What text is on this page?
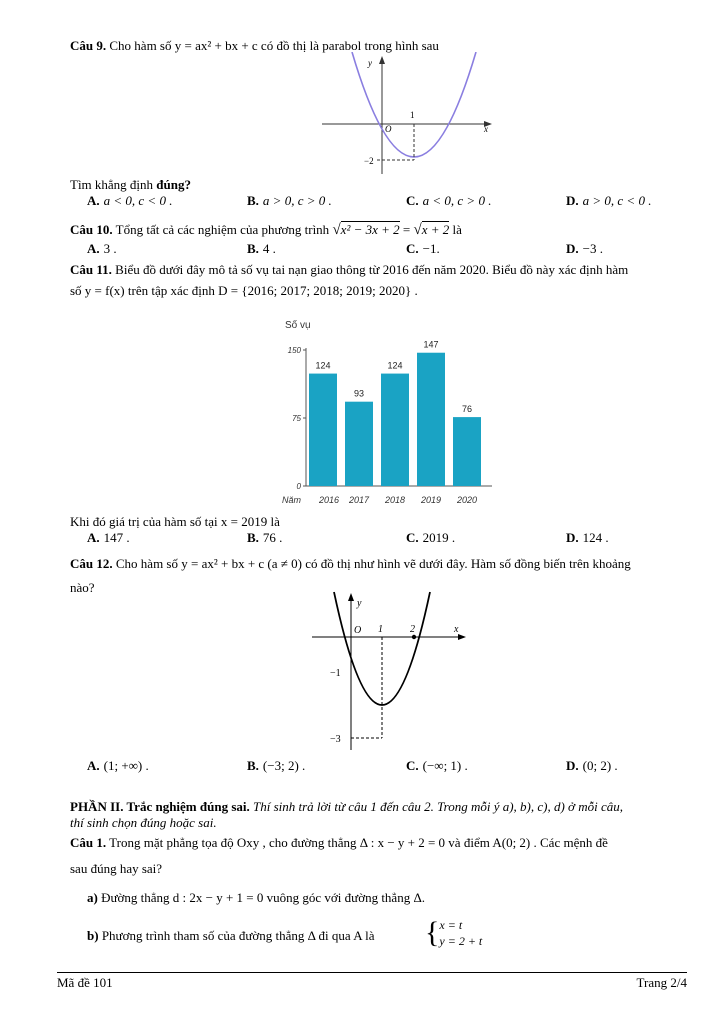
Câu 9. Cho hàm số y = ax² + bx + c có đồ thị là parabol trong hình sau
y
x
O
1
−2
Tìm khẳng định đúng?
A. a < 0, c < 0 .	B. a > 0, c > 0 .	C. a < 0, c > 0 .	D. a > 0, c < 0 .
Câu 10. Tổng tất cả các nghiệm của phương trình √x² − 3x + 2 = √x + 2 là
A. 3 .	B. 4 .	C. −1.	D. −3 .
Câu 11. Biểu đồ dưới đây mô tả số vụ tai nạn giao thông từ 2016 đến năm 2020. Biểu đồ này xác định hàm
số y = f(x) trên tập xác định D = {2016; 2017; 2018; 2019; 2020} .
Số vụ
Năm
0
75
150
124
2016
93
2017
124
2018
147
2019
76
2020
Khi đó giá trị của hàm số tại x = 2019 là
A. 147 .	B. 76 .	C. 2019 .	D. 124 .
Câu 12. Cho hàm số y = ax² + bx + c (a ≠ 0) có đồ thị như hình vẽ dưới đây. Hàm số đồng biến trên khoảng
nào?
y
x
O 1	2
−1
−3
A. (1; +∞) .	B. (−3; 2) .	C. (−∞; 1) .	D. (0; 2) .
PHẦN II. Trắc nghiệm đúng sai. Thí sinh trả lời từ câu 1 đến câu 2. Trong mỗi ý a), b), c), d) ở mỗi câu,
thí sinh chọn đúng hoặc sai.
Câu 1. Trong mặt phẳng tọa độ Oxy , cho đường thẳng Δ : x − y + 2 = 0 và điểm A(0; 2) . Các mệnh đề
sau đúng hay sai?
a) Đường thẳng d : 2x − y + 1 = 0 vuông góc với đường thẳng Δ.
b) Phương trình tham số của đường thẳng Δ đi qua A là { x = t
y = 2 + t
Mã đề 101	Trang 2/4
